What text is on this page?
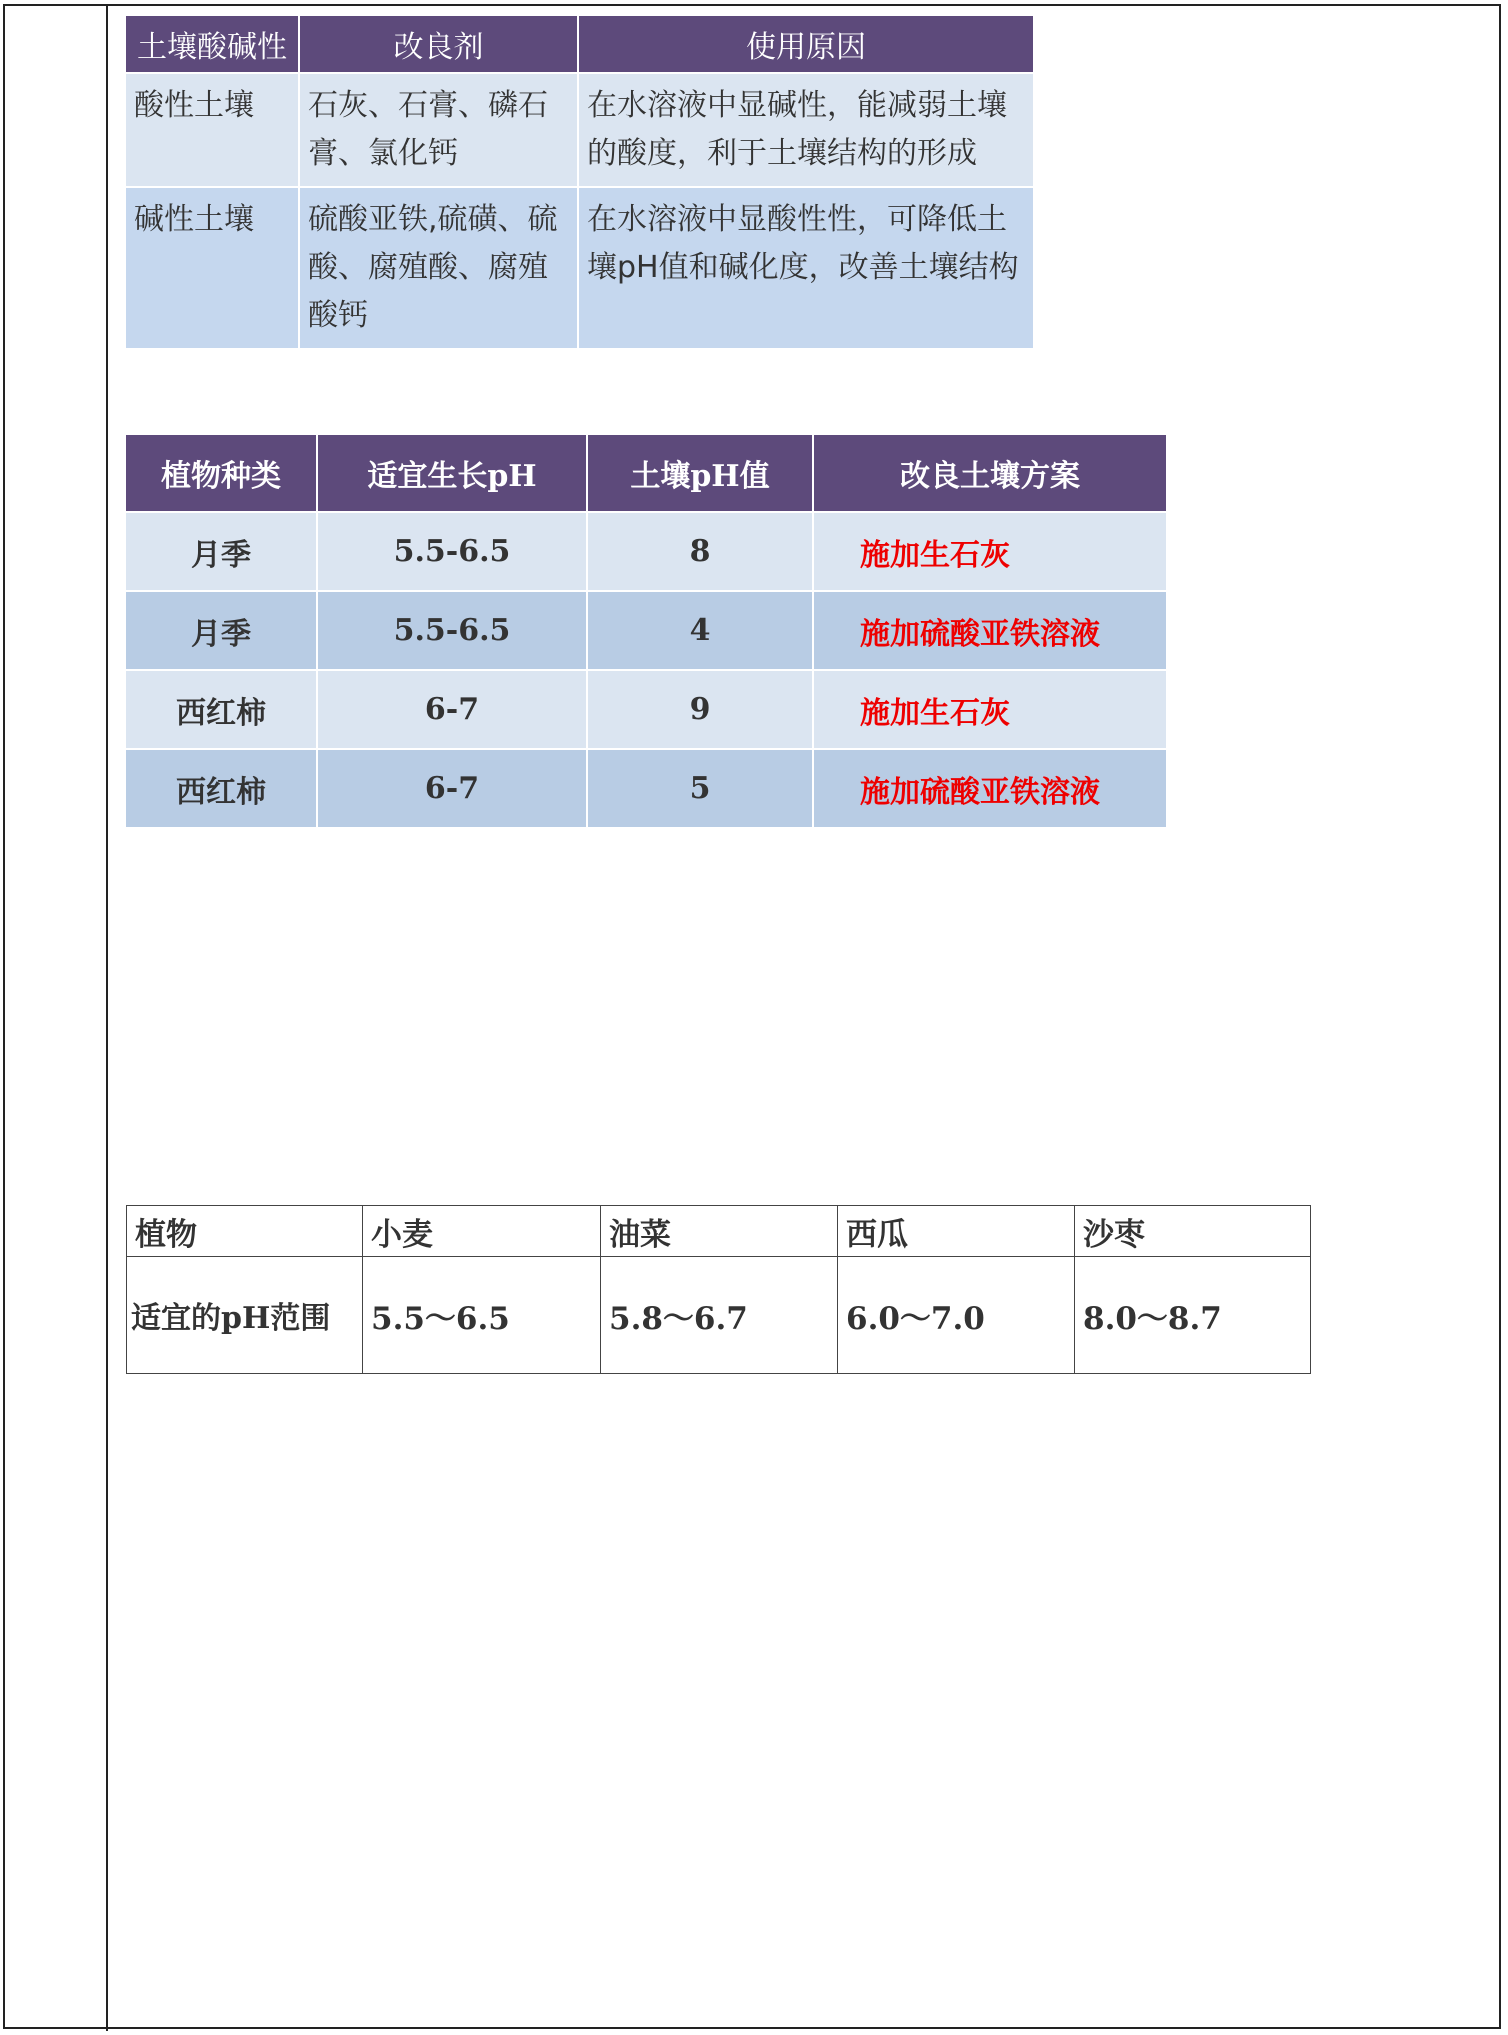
土壤酸碱性	改良剂	使用原因
酸性土壤	石灰、石膏、磷石膏、氯化钙	在水溶液中显碱性，能减弱土壤的酸度，利于土壤结构的形成
碱性土壤	硫酸亚铁,硫磺、硫酸、腐殖酸、腐殖酸钙	在水溶液中显酸性性，可降低土壤pH值和碱化度，改善土壤结构
植物种类	适宜生长pH	土壤pH值	改良土壤方案
月季	5.5-6.5	8	施加生石灰
月季	5.5-6.5	4	施加硫酸亚铁溶液
西红柿	6-7	9	施加生石灰
西红柿	6-7	5	施加硫酸亚铁溶液
植物	小麦	油菜	西瓜	沙枣
适宜的pH范围	5.5～6.5	5.8～6.7	6.0～7.0	8.0～8.7
